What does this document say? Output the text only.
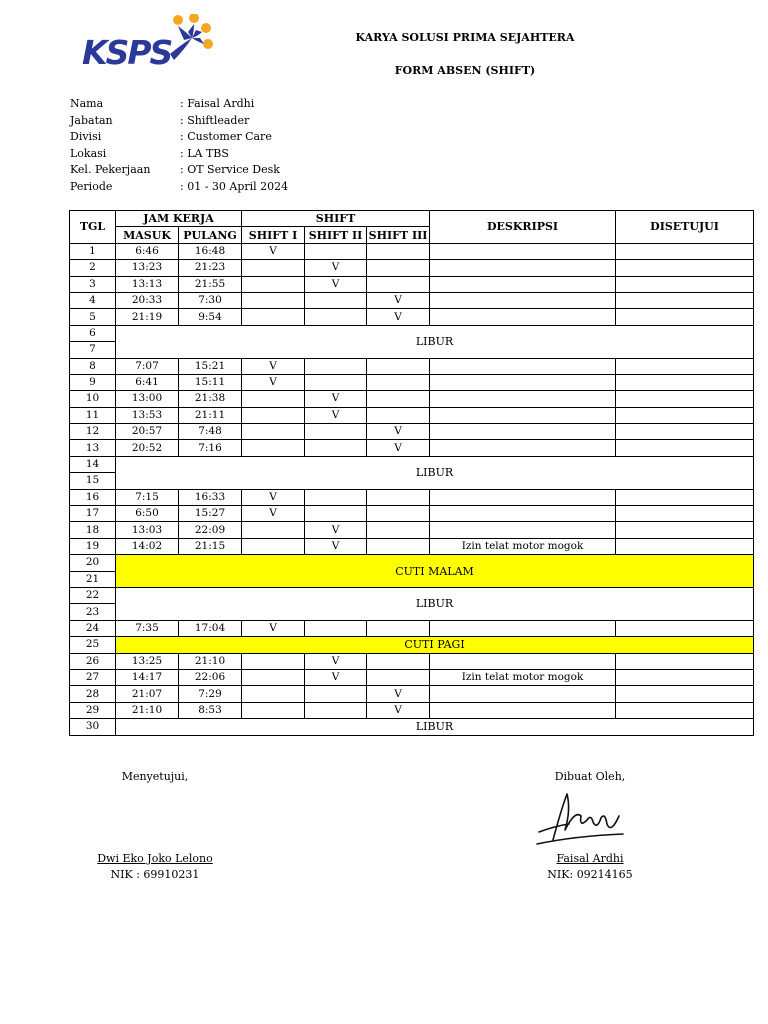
KSPS	KARYA SOLUSI PRIMA SEJAHTERA
FORM ABSEN (SHIFT)
Nama	: Faisal Ardhi
Jabatan	: Shiftleader
Divisi	: Customer Care
Lokasi	: LA TBS
Kel. Pekerjaan	: OT Service Desk
Periode	: 01 - 30 April 2024
TGL	JAM KERJA		SHIFT			DESKRIPSI	DISETUJUI
	MASUK	PULANG	SHIFT I	SHIFT II	SHIFT III		
1	6:46	16:48	V				
2	13:23	21:23		V			
3	13:13	21:55		V			
4	20:33	7:30			V		
5	21:19	9:54			V		
6	LIBUR						
7							
8	7:07	15:21	V				
9	6:41	15:11	V				
10	13:00	21:38		V			
11	13:53	21:11		V			
12	20:57	7:48			V		
13	20:52	7:16			V		
14	LIBUR						
15							
16	7:15	16:33	V				
17	6:50	15:27	V				
18	13:03	22:09		V			
19	14:02	21:15		V		Izin telat motor mogok	
20	CUTI MALAM						
21							
22	LIBUR						
23							
24	7:35	17:04	V				
25	CUTI PAGI						
26	13:25	21:10		V			
27	14:17	22:06		V		Izin telat motor mogok	
28	21:07	7:29			V		
29	21:10	8:53			V		
30	LIBUR						
Menyetujui,
Dwi Eko Joko Lelono
NIK : 69910231
Dibuat Oleh,
Faisal Ardhi
NIK: 09214165
